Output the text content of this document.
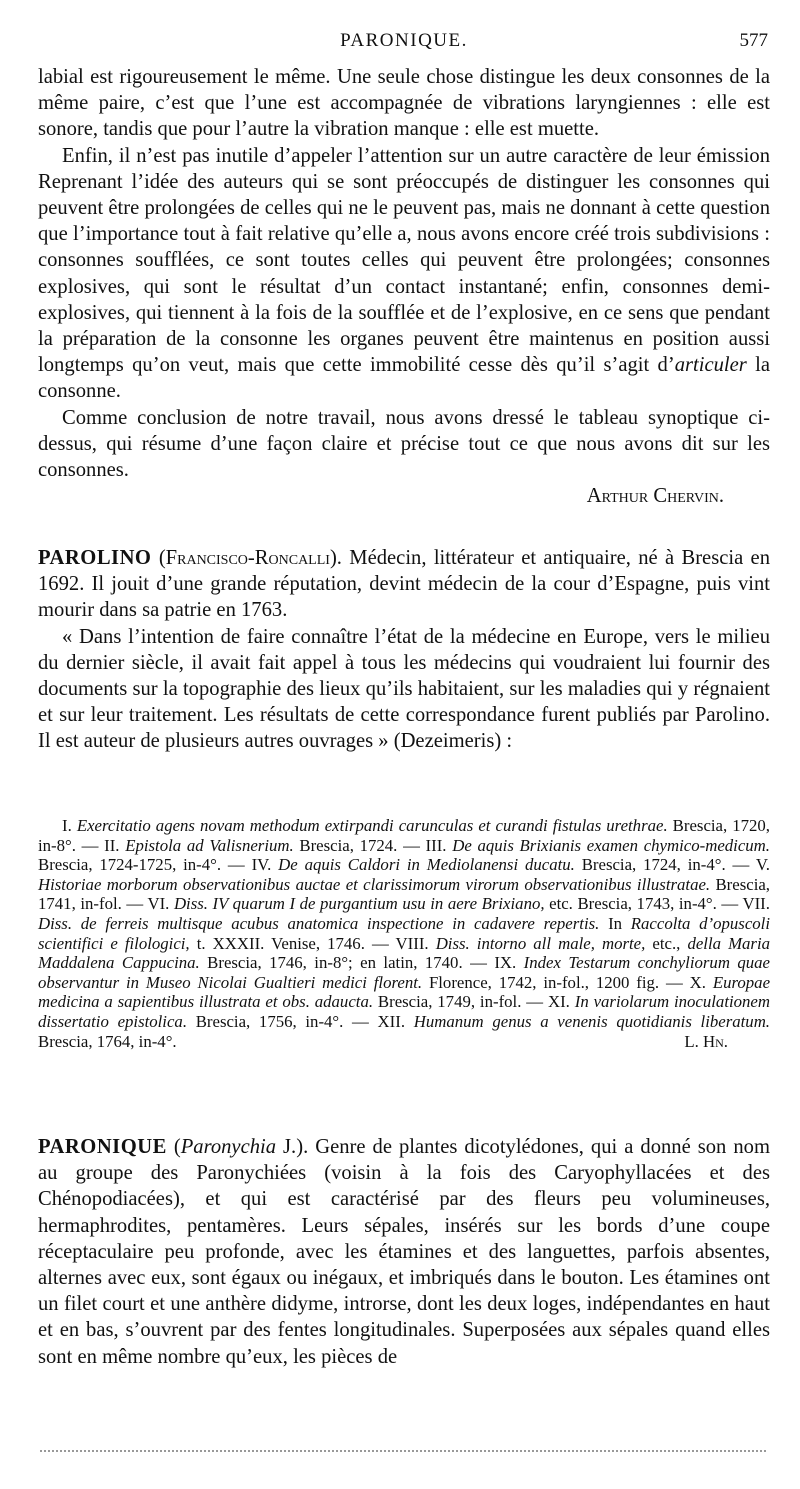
PARONIQUE.	577

labial est rigoureusement le même. Une seule chose distingue les deux consonnes de la même paire, c’est que l’une est accompagnée de vibrations laryngiennes : elle est sonore, tandis que pour l’autre la vibration manque : elle est muette.

Enfin, il n’est pas inutile d’appeler l’attention sur un autre caractère de leur émission Reprenant l’idée des auteurs qui se sont préoccupés de distinguer les consonnes qui peuvent être prolongées de celles qui ne le peuvent pas, mais ne donnant à cette question que l’importance tout à fait relative qu’elle a, nous avons encore créé trois subdivisions : consonnes soufflées, ce sont toutes celles qui peuvent être prolongées; consonnes explosives, qui sont le résultat d’un contact instantané; enfin, consonnes demi-explosives, qui tiennent à la fois de la soufflée et de l’explosive, en ce sens que pendant la préparation de la consonne les organes peuvent être maintenus en position aussi longtemps qu’on veut, mais que cette immobilité cesse dès qu’il s’agit d’articuler la consonne.

Comme conclusion de notre travail, nous avons dressé le tableau synoptique ci-dessus, qui résume d’une façon claire et précise tout ce que nous avons dit sur les consonnes.

Arthur Chervin.

PAROLINO (Francisco-Roncalli). Médecin, littérateur et antiquaire, né à Brescia en 1692. Il jouit d’une grande réputation, devint médecin de la cour d’Espagne, puis vint mourir dans sa patrie en 1763.

« Dans l’intention de faire connaître l’état de la médecine en Europe, vers le milieu du dernier siècle, il avait fait appel à tous les médecins qui voudraient lui fournir des documents sur la topographie des lieux qu’ils habitaient, sur les maladies qui y régnaient et sur leur traitement. Les résultats de cette correspondance furent publiés par Parolino. Il est auteur de plusieurs autres ouvrages » (Dezeimeris) :

I. Exercitatio agens novam methodum extirpandi carunculas et curandi fistulas urethrae. Brescia, 1720, in-8°. — II. Epistola ad Valisnerium. Brescia, 1724. — III. De aquis Brixianis examen chymico-medicum. Brescia, 1724-1725, in-4°. — IV. De aquis Caldori in Mediolanensi ducatu. Brescia, 1724, in-4°. — V. Historiae morborum observationibus auctae et clarissimorum virorum observationibus illustratae. Brescia, 1741, in-fol. — VI. Diss. IV quarum I de purgantium usu in aere Brixiano, etc. Brescia, 1743, in-4°. — VII. Diss. de ferreis multisque acubus anatomica inspectione in cadavere repertis. In Raccolta d’opuscoli scientifici e filologici, t. XXXII. Venise, 1746. — VIII. Diss. intorno all male, morte, etc., della Maria Maddalena Cappucina. Brescia, 1746, in-8°; en latin, 1740. — IX. Index Testarum conchyliorum quae observantur in Museo Nicolai Gualtieri medici florent. Florence, 1742, in-fol., 1200 fig. — X. Europae medicina a sapientibus illustrata et obs. adaucta. Brescia, 1749, in-fol. — XI. In variolarum inoculationem dissertatio epistolica. Brescia, 1756, in-4°. — XII. Humanum genus a venenis quotidianis liberatum. Brescia, 1764, in-4°.	L. Hn.

PARONIQUE (Paronychia J.). Genre de plantes dicotylédones, qui a donné son nom au groupe des Paronychiées (voisin à la fois des Caryophyllacées et des Chénopodiacées), et qui est caractérisé par des fleurs peu volumineuses, hermaphrodites, pentamères. Leurs sépales, insérés sur les bords d’une coupe réceptaculaire peu profonde, avec les étamines et des languettes, parfois absentes, alternes avec eux, sont égaux ou inégaux, et imbriqués dans le bouton. Les étamines ont un filet court et une anthère didyme, introrse, dont les deux loges, indépendantes en haut et en bas, s’ouvrent par des fentes longitudinales. Superposées aux sépales quand elles sont en même nombre qu’eux, les pièces de
